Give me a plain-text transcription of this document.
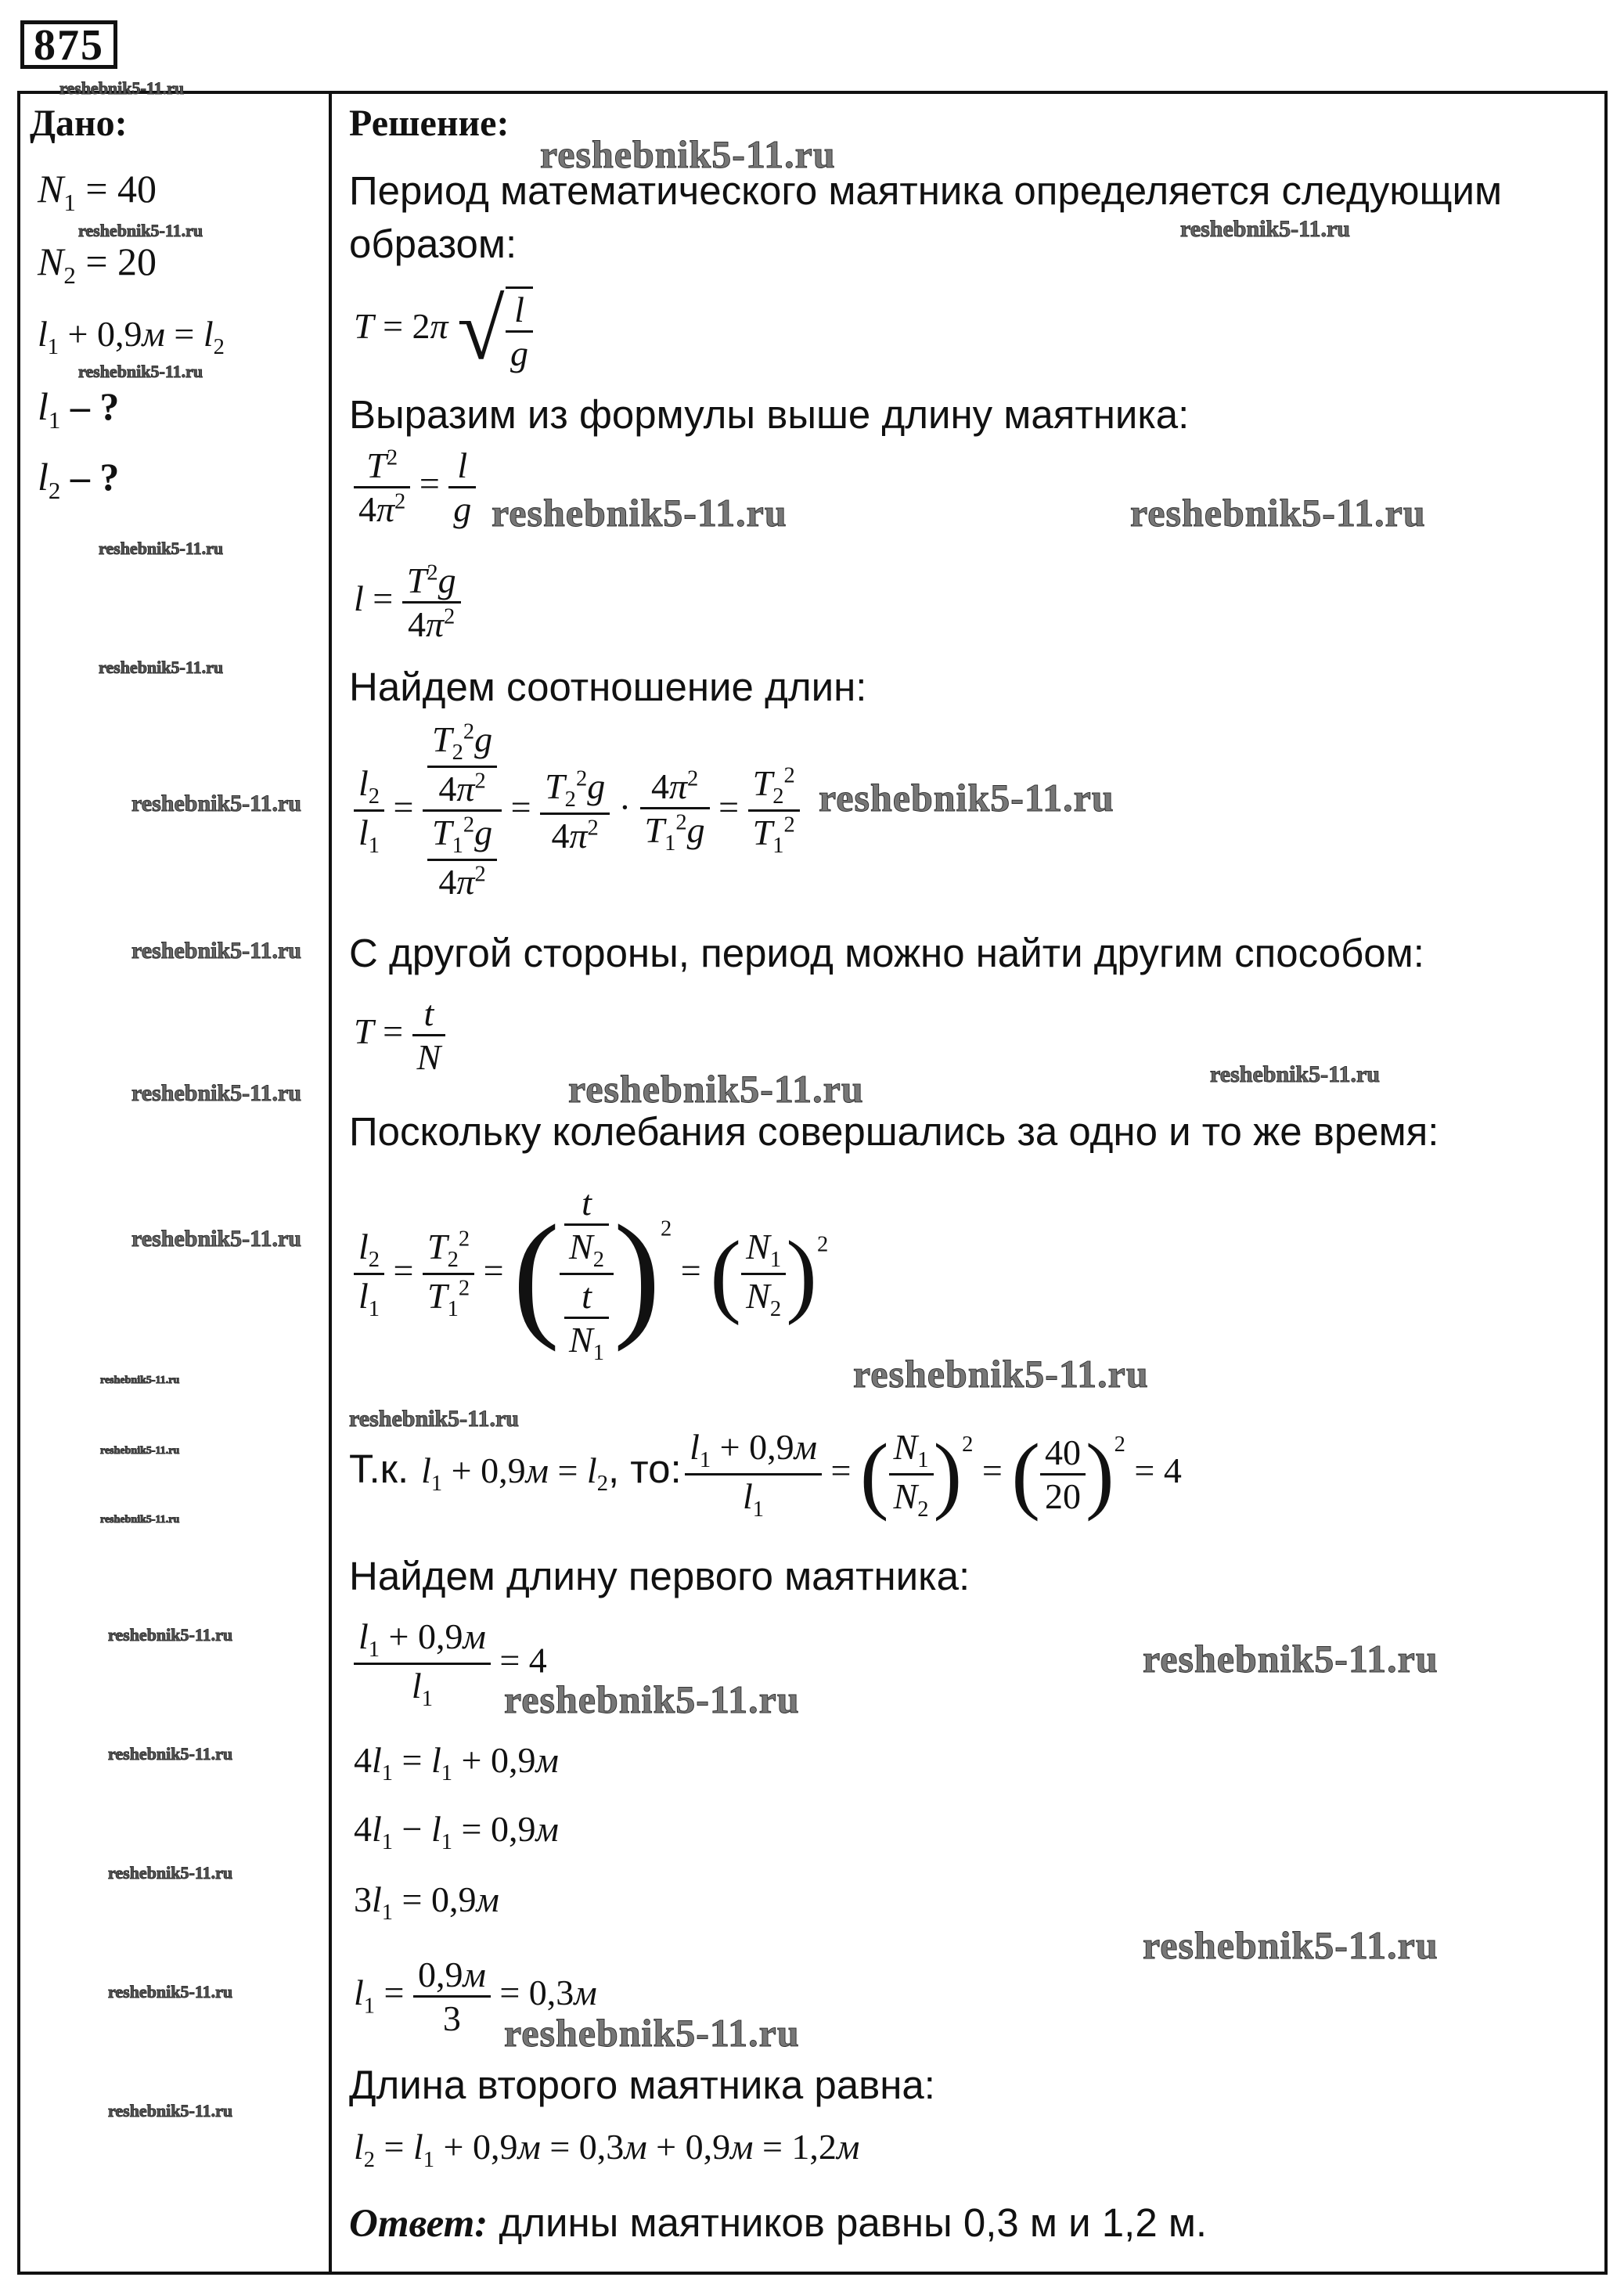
875
Дано:
$N_1 = 40$
$N_2 = 20$
$l_1 + 0,9м = l_2$
$l_1$ – ?
$l_2$ – ?
Решение:
Период математического маятника определяется следующим
образом:
T = 2π √ $\frac{l}{g}$
Выразим из формулы выше длину маятника:
$\frac{T^2}{4\pi^2} = \frac{l}{g}$
$l = \frac{T^2g}{4\pi^2}$
Найдем соотношение длин:
$\frac{l_2}{l_1} = \frac{\frac{T_2^2g}{4\pi^2}}{\frac{T_1^2g}{4\pi^2}} = \frac{T_2^2g}{4\pi^2} \cdot \frac{4\pi^2}{T_1^2g} = \frac{T_2^2}{T_1^2}$
С другой стороны, период можно найти другим способом:
$T = \frac{t}{N}$
Поскольку колебания совершались за одно и то же время:
$\frac{l_2}{l_1} = \frac{T_2^2}{T_1^2}$ = ( $\frac{\frac{t}{N_2}}{\frac{t}{N_1}} )^2$ = ( $\frac{N_1}{N_2} )^2$
Т.к. $l_1 + 0,9м = l_2$, то: $\frac{l_1 + 0,9м}{l_1}$ = ( $\frac{N_1}{N_2} )^2$ = ( $\frac{40}{20} )^2 = 4$
Найдем длину первого маятника:
$\frac{l_1 + 0,9м}{l_1} = 4$
$4l_1 = l_1 + 0,9м$
$4l_1 - l_1 = 0,9м$
$3l_1 = 0,9м$
$l_1 = \frac{0,9м}{3} = 0,3м$
Длина второго маятника равна:
$l_2 = l_1 + 0,9м = 0,3м + 0,9м = 1,2м$
Ответ: длины маятников равны 0,3 м и 1,2 м.
reshebnik5-11.ru
reshebnik5-11.ru
reshebnik5-11.ru	reshebnik5-11.ru
reshebnik5-11.ru
reshebnik5-11.ru	reshebnik5-11.ru
reshebnik5-11.ru
reshebnik5-11.ru
reshebnik5-11.ru
reshebnik5-11.ru
reshebnik5-11.ru
reshebnik5-11.ru
reshebnik5-11.ru	reshebnik5-11.ru
reshebnik5-11.ru
reshebnik5-11.ru
reshebnik5-11.ru
reshebnik5-11.ru
reshebnik5-11.ru
reshebnik5-11.ru
reshebnik5-11.ru
reshebnik5-11.ru
reshebnik5-11.ru
reshebnik5-11.ru
reshebnik5-11.ru
reshebnik5-11.ru
reshebnik5-11.ru
reshebnik5-11.ru
reshebnik5-11.ru
